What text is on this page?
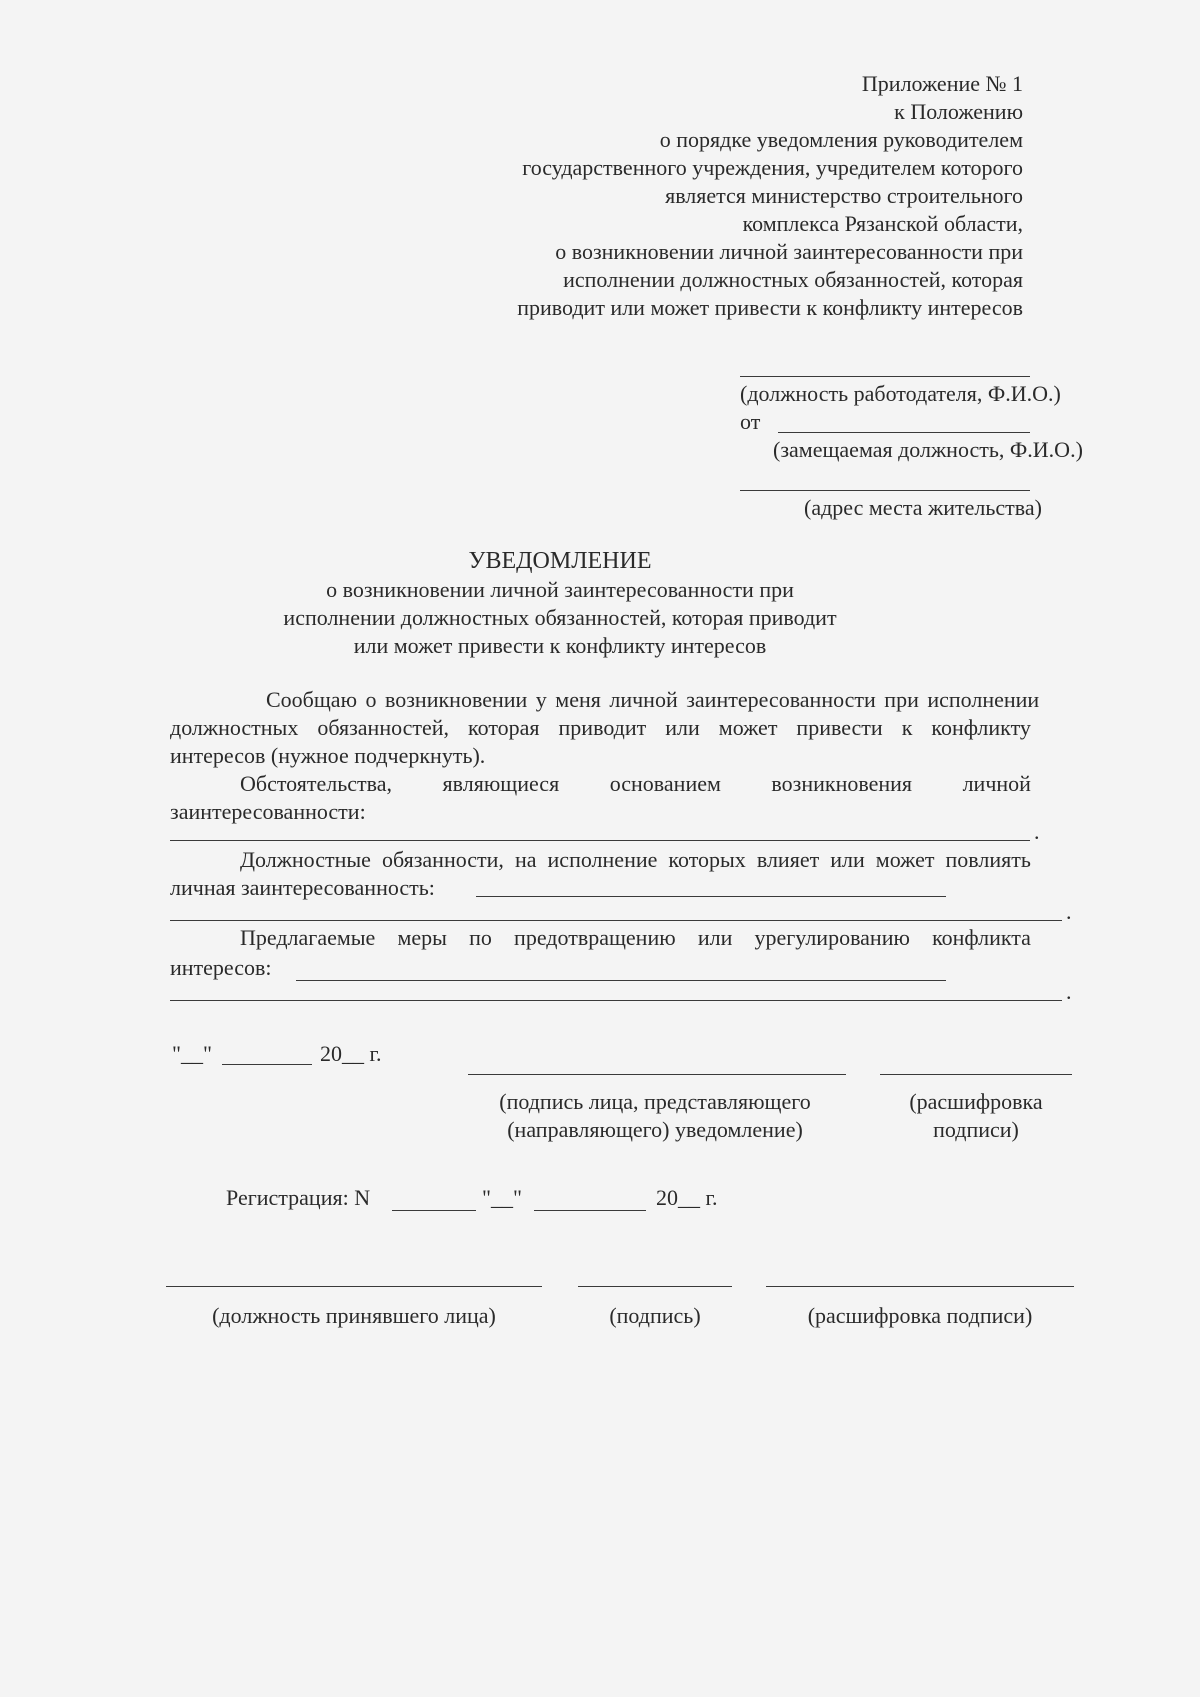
Приложение № 1
к Положению
о порядке уведомления руководителем
государственного учреждения, учредителем которого
является министерство строительного
комплекса Рязанской области,
о возникновении личной заинтересованности при
исполнении должностных обязанностей, которая
приводит или может привести к конфликту интересов
(должность работодателя, Ф.И.О.)
от
(замещаемая должность, Ф.И.О.)
(адрес места жительства)
УВЕДОМЛЕНИЕ
о возникновении личной заинтересованности при
исполнении должностных обязанностей, которая приводит
или может привести к конфликту интересов
Сообщаю о возникновении у меня личной заинтересованности при исполнении
должностных обязанностей, которая приводит или может привести к конфликту
интересов (нужное подчеркнуть).
Обстоятельства, являющиеся основанием возникновения личной
заинтересованности:
.
Должностные обязанности, на исполнение которых влияет или может повлиять
личная заинтересованность:
.
Предлагаемые меры по предотвращению или урегулированию конфликта
интересов:
.
"__"	20__ г.
(подпись лица, представляющего
(направляющего) уведомление)
(расшифровка
подписи)
Регистрация: N	"__"	20__ г.
(должность принявшего лица)	(подпись)	(расшифровка подписи)
